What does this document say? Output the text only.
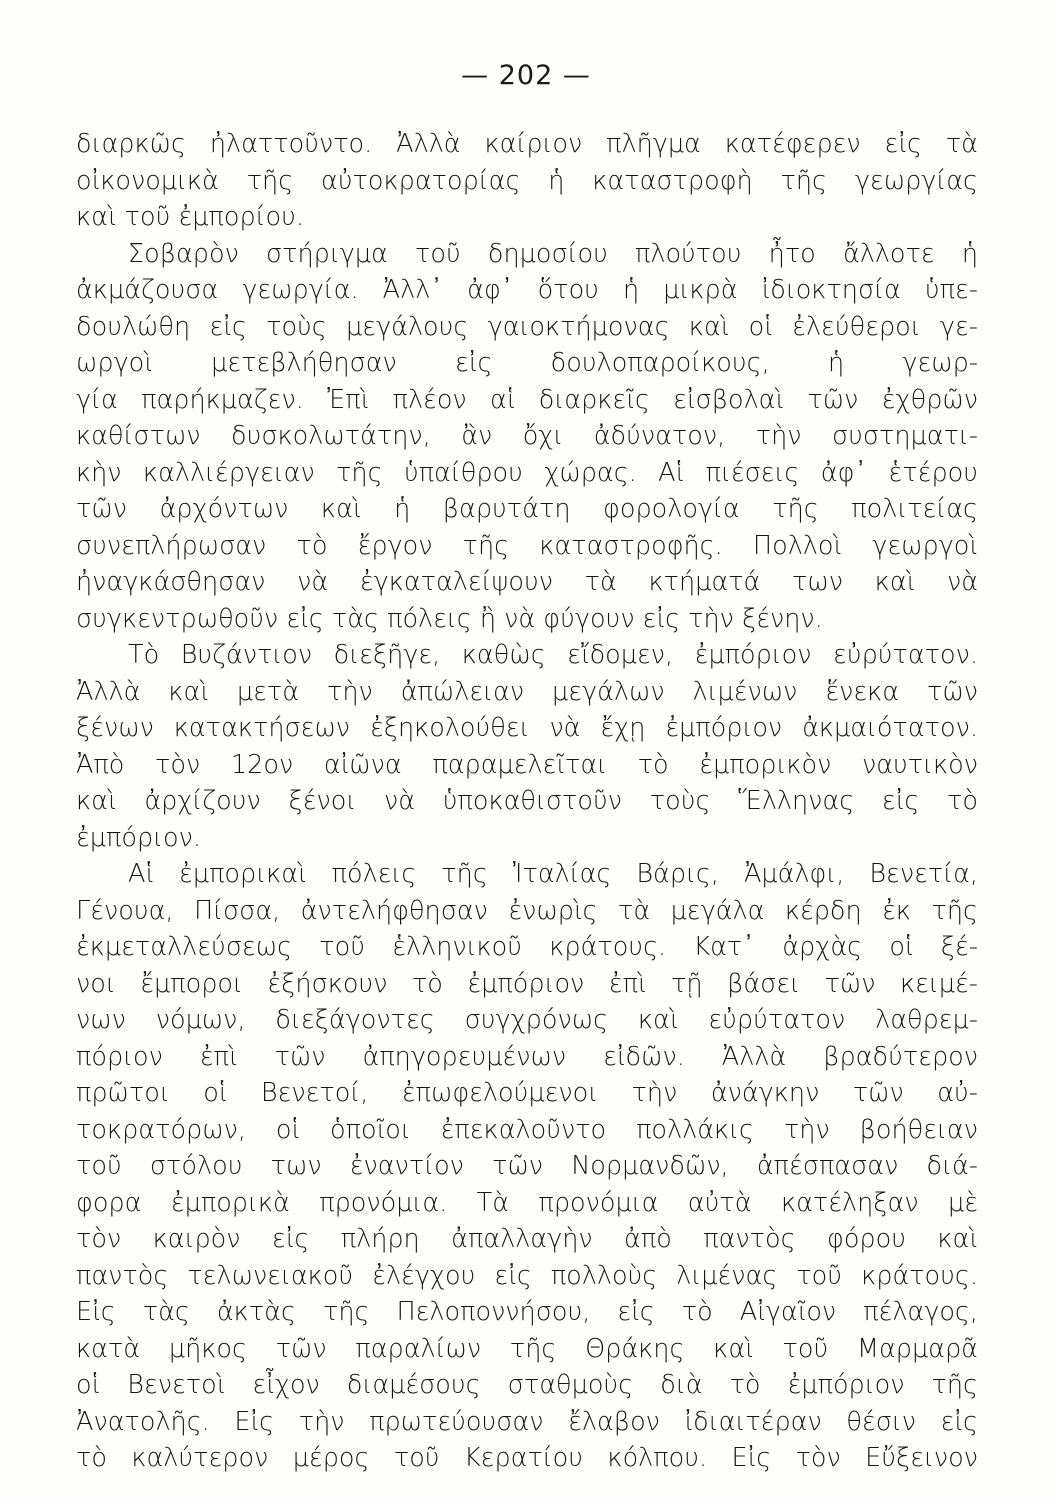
— 202 —
διαρκῶς ἠλαττοῦντο. Ἀλλὰ καίριον πλῆγμα κατέφερεν εἰς τὰ
οἰκονομικὰ τῆς αὐτοκρατορίας ἡ καταστροφὴ τῆς γεωργίας
καὶ τοῦ ἐμπορίου.
Σοβαρὸν στήριγμα τοῦ δημοσίου πλούτου ἦτο ἄλλοτε ἡ
ἀκμάζουσα γεωργία. Ἀλλ᾽ ἀφ᾽ ὅτου ἡ μικρὰ ἰδιοκτησία ὑπε-
δουλώθη εἰς τοὺς μεγάλους γαιοκτήμονας καὶ οἱ ἐλεύθεροι γε-
ωργοὶ μετεβλήθησαν εἰς δουλοπαροίκους, ἡ γεωρ-
γία παρήκμαζεν. Ἐπὶ πλέον αἱ διαρκεῖς εἰσβολαὶ τῶν ἐχθρῶν
καθίστων δυσκολωτάτην, ἂν ὄχι ἀδύνατον, τὴν συστηματι-
κὴν καλλιέργειαν τῆς ὑπαίθρου χώρας. Αἱ πιέσεις ἀφ᾽ ἑτέρου
τῶν ἀρχόντων καὶ ἡ βαρυτάτη φορολογία τῆς πολιτείας
συνεπλήρωσαν τὸ ἔργον τῆς καταστροφῆς. Πολλοὶ γεωργοὶ
ἠναγκάσθησαν νὰ ἐγκαταλείψουν τὰ κτήματά των καὶ νὰ
συγκεντρωθοῦν εἰς τὰς πόλεις ἢ νὰ φύγουν εἰς τὴν ξένην.
Τὸ Βυζάντιον διεξῆγε, καθὼς εἴδομεν, ἐμπόριον εὐρύτατον.
Ἀλλὰ καὶ μετὰ τὴν ἀπώλειαν μεγάλων λιμένων ἕνεκα τῶν
ξένων κατακτήσεων ἐξηκολούθει νὰ ἔχῃ ἐμπόριον ἀκμαιότατον.
Ἀπὸ τὸν 12ον αἰῶνα παραμελεῖται τὸ ἐμπορικὸν ναυτικὸν
καὶ ἀρχίζουν ξένοι νὰ ὑποκαθιστοῦν τοὺς Ἕλληνας εἰς τὸ
ἐμπόριον.
Αἱ ἐμπορικαὶ πόλεις τῆς Ἰταλίας Βάρις, Ἀμάλφι, Βενετία,
Γένουα, Πίσσα, ἀντελήφθησαν ἐνωρὶς τὰ μεγάλα κέρδη ἐκ τῆς
ἐκμεταλλεύσεως τοῦ ἑλληνικοῦ κράτους. Κατ᾽ ἀρχὰς οἱ ξέ-
νοι ἔμποροι ἐξήσκουν τὸ ἐμπόριον ἐπὶ τῇ βάσει τῶν κειμέ-
νων νόμων, διεξάγοντες συγχρόνως καὶ εὐρύτατον λαθρεμ-
πόριον ἐπὶ τῶν ἀπηγορευμένων εἰδῶν. Ἀλλὰ βραδύτερον
πρῶτοι οἱ Βενετοί, ἐπωφελούμενοι τὴν ἀνάγκην τῶν αὐ-
τοκρατόρων, οἱ ὁποῖοι ἐπεκαλοῦντο πολλάκις τὴν βοήθειαν
τοῦ στόλου των ἐναντίον τῶν Νορμανδῶν, ἀπέσπασαν διά-
φορα ἐμπορικὰ προνόμια. Τὰ προνόμια αὐτὰ κατέληξαν μὲ
τὸν καιρὸν εἰς πλήρη ἀπαλλαγὴν ἀπὸ παντὸς φόρου καὶ
παντὸς τελωνειακοῦ ἐλέγχου εἰς πολλοὺς λιμένας τοῦ κράτους.
Εἰς τὰς ἀκτὰς τῆς Πελοποννήσου, εἰς τὸ Αἰγαῖον πέλαγος,
κατὰ μῆκος τῶν παραλίων τῆς Θράκης καὶ τοῦ Μαρμαρᾶ
οἱ Βενετοὶ εἶχον διαμέσους σταθμοὺς διὰ τὸ ἐμπόριον τῆς
Ἀνατολῆς. Εἰς τὴν πρωτεύουσαν ἔλαβον ἰδιαιτέραν θέσιν εἰς
τὸ καλύτερον μέρος τοῦ Κερατίου κόλπου. Εἰς τὸν Εὔξεινον
